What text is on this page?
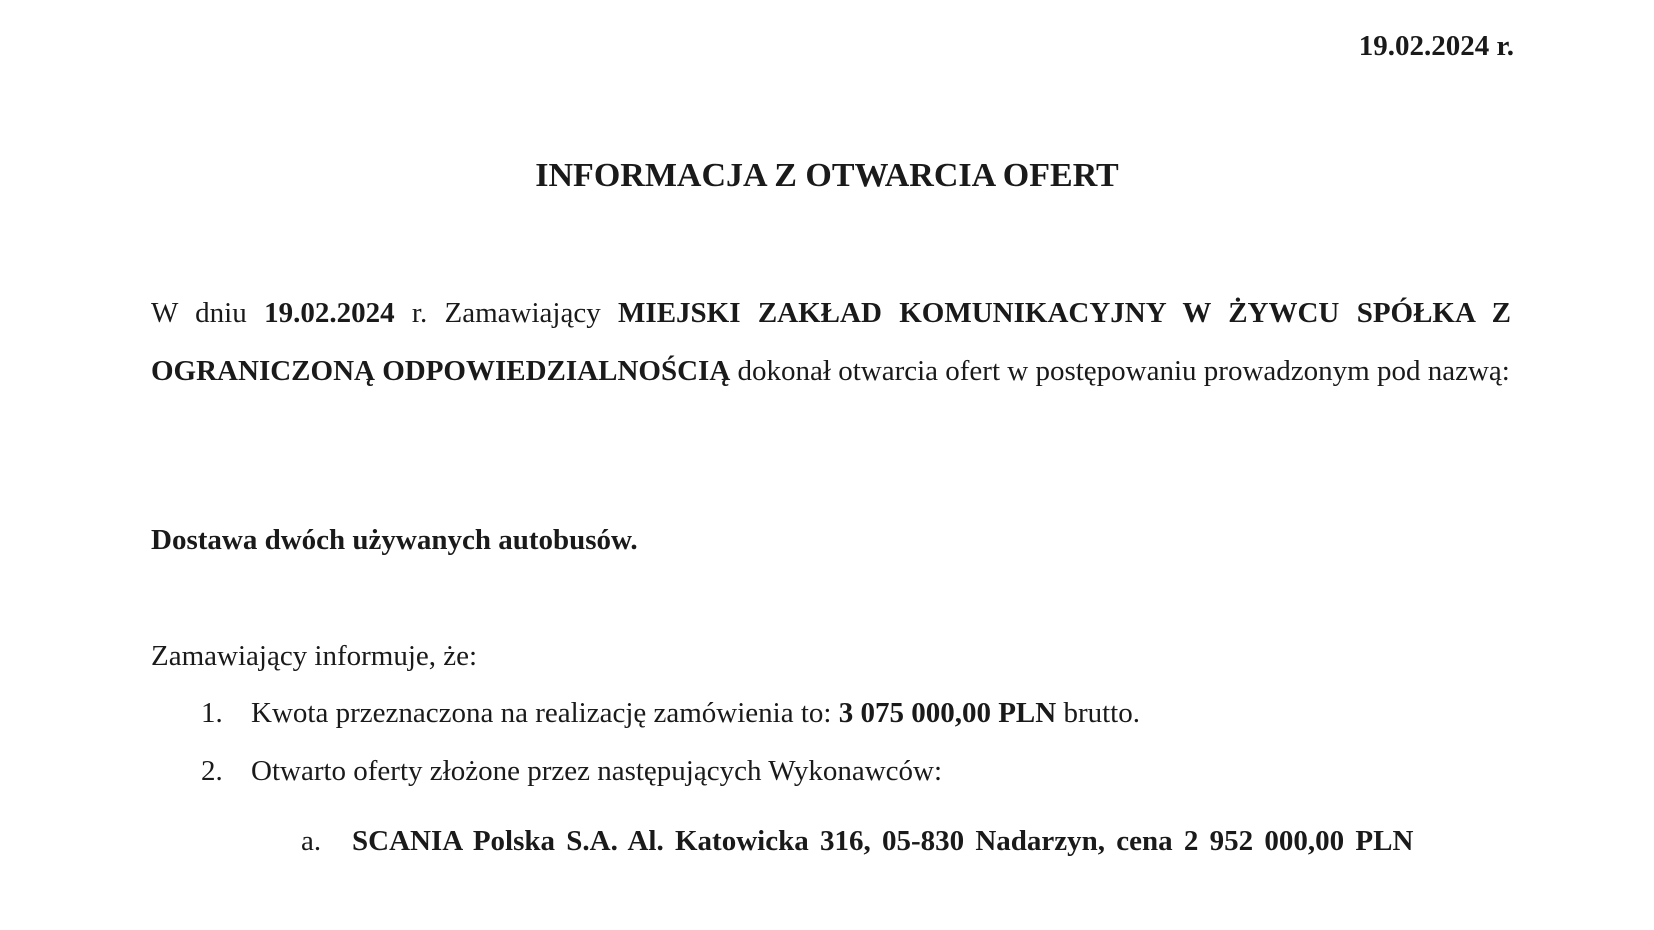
19.02.2024 r.

INFORMACJA Z OTWARCIA OFERT

W dniu 19.02.2024 r. Zamawiający MIEJSKI ZAKŁAD KOMUNIKACYJNY W ŻYWCU SPÓŁKA Z OGRANICZONĄ ODPOWIEDZIALNOŚCIĄ dokonał otwarcia ofert w postępowaniu prowadzonym pod nazwą:

Dostawa dwóch używanych autobusów.

Zamawiający informuje, że:

1. Kwota przeznaczona na realizację zamówienia to: 3 075 000,00 PLN brutto.

2. Otwarto oferty złożone przez następujących Wykonawców:

a. SCANIA Polska S.A. Al. Katowicka 316, 05-830 Nadarzyn, cena 2 952 000,00 PLN
